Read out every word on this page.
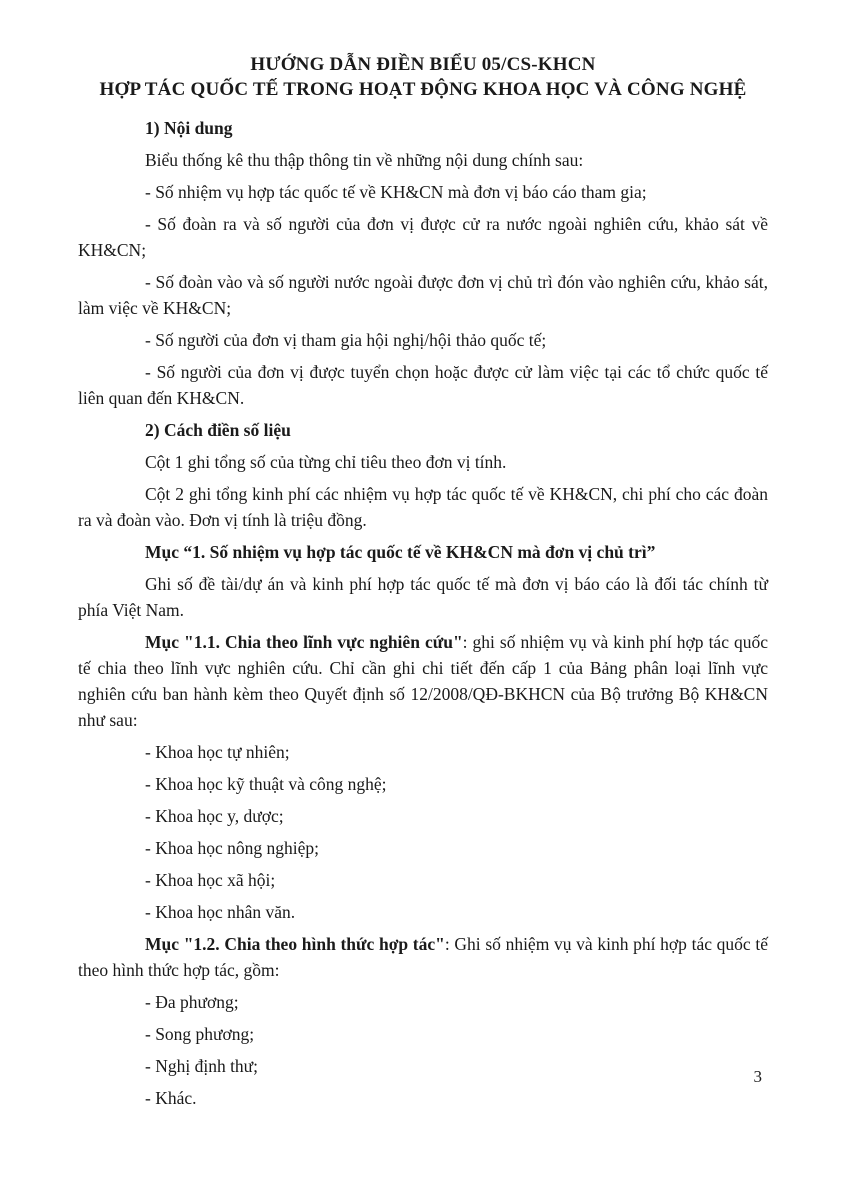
HƯỚNG DẪN ĐIỀN BIỂU 05/CS-KHCN
HỢP TÁC QUỐC TẾ TRONG HOẠT ĐỘNG KHOA HỌC VÀ CÔNG NGHỆ

1) Nội dung

Biểu thống kê thu thập thông tin về những nội dung chính sau:

- Số nhiệm vụ hợp tác quốc tế về KH&CN mà đơn vị báo cáo tham gia;

- Số đoàn ra và số người của đơn vị được cử ra nước ngoài nghiên cứu, khảo sát về KH&CN;

- Số đoàn vào và số người nước ngoài được đơn vị chủ trì đón vào nghiên cứu, khảo sát, làm việc về KH&CN;

- Số người của đơn vị tham gia hội nghị/hội thảo quốc tế;

- Số người của đơn vị được tuyển chọn hoặc được cử làm việc tại các tổ chức quốc tế liên quan đến KH&CN.

2) Cách điền số liệu

Cột 1 ghi tổng số của từng chỉ tiêu theo đơn vị tính.

Cột 2 ghi tổng kinh phí các nhiệm vụ hợp tác quốc tế về KH&CN, chi phí cho các đoàn ra và đoàn vào. Đơn vị tính là triệu đồng.

Mục “1. Số nhiệm vụ hợp tác quốc tế về KH&CN mà đơn vị chủ trì”

Ghi số đề tài/dự án và kinh phí hợp tác quốc tế mà đơn vị báo cáo là đối tác chính từ phía Việt Nam.

Mục "1.1. Chia theo lĩnh vực nghiên cứu": ghi số nhiệm vụ và kinh phí hợp tác quốc tế chia theo lĩnh vực nghiên cứu. Chỉ cần ghi chi tiết đến cấp 1 của Bảng phân loại lĩnh vực nghiên cứu ban hành kèm theo Quyết định số 12/2008/QĐ-BKHCN của Bộ trưởng Bộ KH&CN như sau:

- Khoa học tự nhiên;

- Khoa học kỹ thuật và công nghệ;

- Khoa học y, dược;

- Khoa học nông nghiệp;

- Khoa học xã hội;

- Khoa học nhân văn.

Mục "1.2. Chia theo hình thức hợp tác": Ghi số nhiệm vụ và kinh phí hợp tác quốc tế theo hình thức hợp tác, gồm:

- Đa phương;

- Song phương;

- Nghị định thư;

- Khác.

3
